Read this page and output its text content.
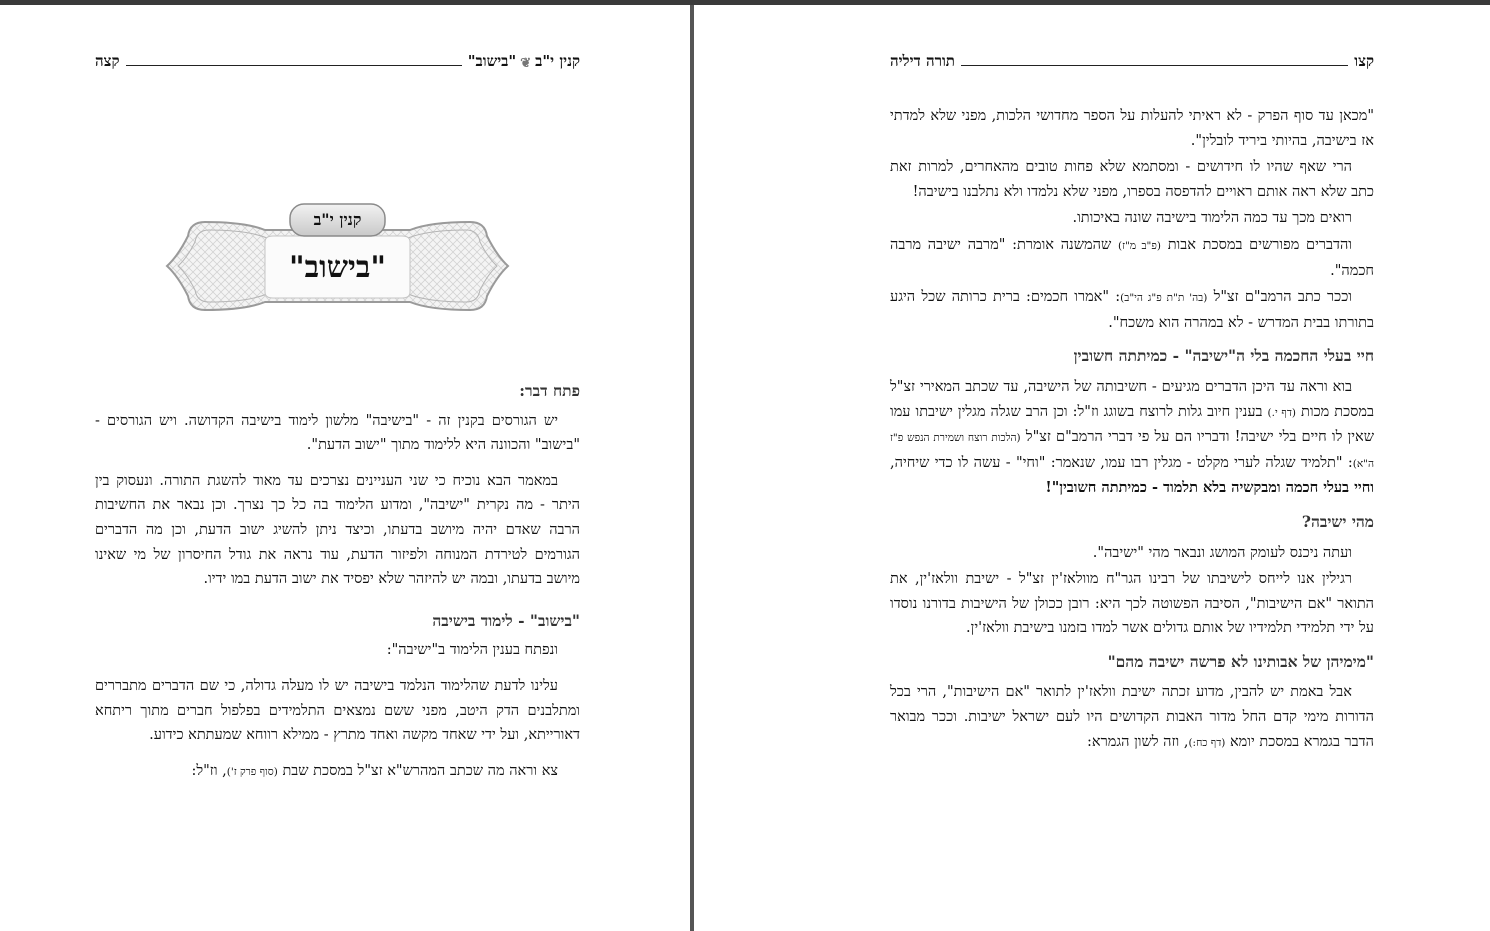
קנין י"ב
❦
"בישוב"
קצה
קנין י"ב
"בישוב"

פתח דבר:

יש הגורסים בקנין זה - "בישיבה" מלשון לימוד בישיבה הקדושה. ויש הגורסים - "בישוב" והכוונה היא ללימוד מתוך "ישוב הדעת".

במאמר הבא נוכיח כי שני העניינים נצרכים עד מאוד להשגת התורה. ונעסוק בין היתר - מה נקרית "ישיבה", ומדוע הלימוד בה כל כך נצרך. וכן נבאר את החשיבות הרבה שאדם יהיה מיושב בדעתו, וכיצד ניתן להשיג ישוב הדעת, וכן מה הדברים הגורמים לטירדת המנוחה ולפיזור הדעת, עוד נראה את גודל החיסרון של מי שאינו מיושב בדעתו, ובמה יש להיזהר שלא יפסיד את ישוב הדעת במו ידיו.

"בישוב" - לימוד בישיבה

ונפתח בענין הלימוד ב"ישיבה":

עלינו לדעת שהלימוד הנלמד בישיבה יש לו מעלה גדולה, כי שם הדברים מתבררים ומתלבנים הדק היטב, מפני ששם נמצאים התלמידים בפלפול חברים מתוך ריתחא דאורייתא, ועל ידי שאחד מקשה ואחד מתרץ - ממילא רווחא שמעתתא כידוע.

צא וראה מה שכתב המהרש"א זצ"ל במסכת שבת (סוף פרק ז'), וז"ל:

קצו
תורה דיליה

"מכאן עד סוף הפרק - לא ראיתי להעלות על הספר מחדושי הלכות, מפני שלא למדתי אז בישיבה, בהיותי ביריד לובלין".

הרי שאף שהיו לו חידושים - ומסתמא שלא פחות טובים מהאחרים, למרות זאת כתב שלא ראה אותם ראויים להדפסה בספרו, מפני שלא נלמדו ולא נתלבנו בישיבה!

רואים מכך עד כמה הלימוד בישיבה שונה באיכותו.

והדברים מפורשים במסכת אבות (פ"ב מ"ז) שהמשנה אומרת: "מרבה ישיבה מרבה חכמה".

וככר כתב הרמב"ם זצ"ל (בה' ת"ת פ"ג הי"ב): "אמרו חכמים: ברית כרותה שכל היגע בתורתו בבית המדרש - לא במהרה הוא משכח".

חיי בעלי החכמה בלי ה"ישיבה" - כמיתתה חשובין

בוא וראה עד היכן הדברים מגיעים - חשיבותה של הישיבה, עד שכתב המאירי זצ"ל במסכת מכות (דף י.) בענין חיוב גלות לרוצח בשוגג וז"ל: וכן הרב שגלה מגלין ישיבתו עמו שאין לו חיים בלי ישיבה! ודבריו הם על פי דברי הרמב"ם זצ"ל (הלכות רוצח ושמירת הנפש פ"ז ה"א): "תלמיד שגלה לערי מקלט - מגלין רבו עמו, שנאמר: "וחי" - עשה לו כדי שיחיה, וחיי בעלי חכמה ומבקשיה בלא תלמוד - כמיתתה חשובין"!

מהי ישיבה?

ועתה ניכנס לעומק המושג ונבאר מהי "ישיבה".

רגילין אנו לייחס לישיבתו של רבינו הגר"ח מוולאז'ין זצ"ל - ישיבת וולאז'ין, את התואר "אם הישיבות", הסיבה הפשוטה לכך היא: רובן ככולן של הישיבות בדורנו נוסדו על ידי תלמידי תלמידיו של אותם גדולים אשר למדו בזמנו בישיבת וולאז'ין.

"מימיהן של אבותינו לא פרשה ישיבה מהם"

אבל באמת יש להבין, מדוע זכתה ישיבת וולאז'ין לתואר "אם הישיבות", הרי בכל הדורות מימי קדם החל מדור האבות הקדושים היו לעם ישראל ישיבות. וככר מבואר הדבר בגמרא במסכת יומא (דף כח:), וזה לשון הגמרא:
